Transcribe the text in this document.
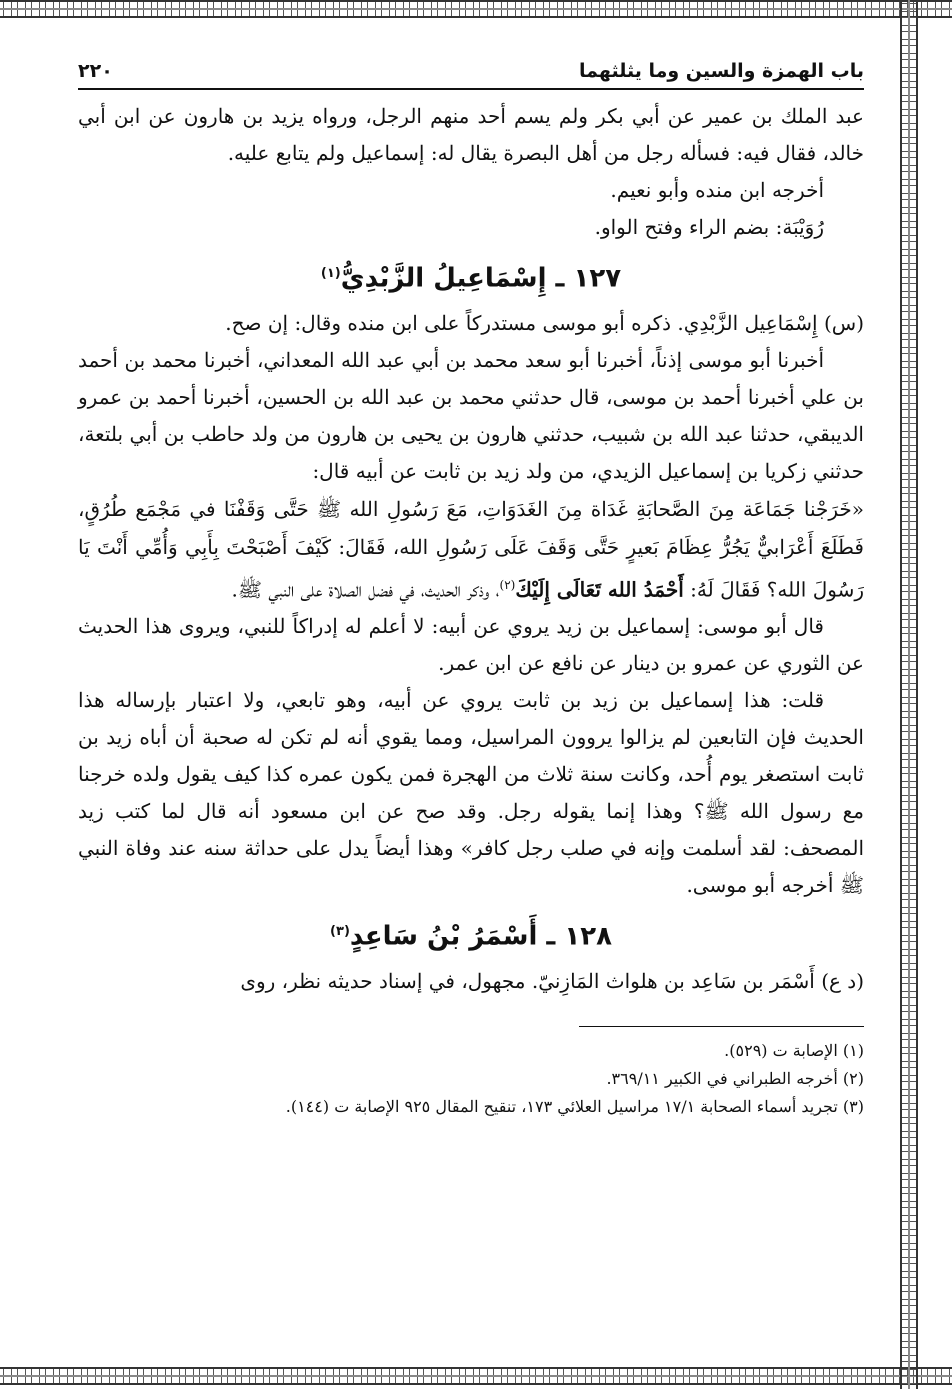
باب الهمزة والسين وما يثلثهما
٢٢٠

عبد الملك بن عمير عن أبي بكر ولم يسم أحد منهم الرجل، ورواه يزيد بن هارون عن ابن أبي خالد، فقال فيه: فسأله رجل من أهل البصرة يقال له: إسماعيل ولم يتابع عليه.

أخرجه ابن منده وأبو نعيم.

رُوَيْبَة: بضم الراء وفتح الواو.

١٢٧ ـ إِسْمَاعِيلُ الزَّبْدِيُّ$^{(١)}$

(س) إِسْمَاعِيل الزَّبْدِي. ذكره أبو موسى مستدركاً على ابن منده وقال: إن صح.

أخبرنا أبو موسى إذناً، أخبرنا أبو سعد محمد بن أبي عبد الله المعداني، أخبرنا محمد بن أحمد بن علي أخبرنا أحمد بن موسى، قال حدثني محمد بن عبد الله بن الحسين، أخبرنا أحمد بن عمرو الديبقي، حدثنا عبد الله بن شبيب، حدثني هارون بن يحيى بن هارون من ولد حاطب بن أبي بلتعة، حدثني زكريا بن إسماعيل الزيدي، من ولد زيد بن ثابت عن أبيه قال:

«خَرَجْنا جَمَاعَة مِنَ الصَّحابَةِ غَدَاة مِنَ الغَدَوَاتِ، مَعَ رَسُولِ الله ﷺ حَتَّى وَقَفْنَا في مَجْمَع طُرُقٍ، فَطَلَعَ أَعْرَابيٌّ يَجُرُّ عِظَامَ بَعيرٍ حَتَّى وَقَفَ عَلَى رَسُولِ الله، فَقَالَ: كَيْفَ أَصْبَحْتَ بِأَبِي وَأُمِّي أَنْتَ يَا رَسُولَ الله؟ فَقَالَ لَهُ: أَحْمَدُ الله تَعَالَى إِلَيْكَ$^{(٢)}$، وذكر الحديث، في فضل الصلاة على النبي ﷺ.

قال أبو موسى: إسماعيل بن زيد يروي عن أبيه: لا أعلم له إدراكاً للنبي، ويروى هذا الحديث عن الثوري عن عمرو بن دينار عن نافع عن ابن عمر.

قلت: هذا إسماعيل بن زيد بن ثابت يروي عن أبيه، وهو تابعي، ولا اعتبار بإرساله هذا الحديث فإن التابعين لم يزالوا يروون المراسيل، ومما يقوي أنه لم تكن له صحبة أن أباه زيد بن ثابت استصغر يوم أُحد، وكانت سنة ثلاث من الهجرة فمن يكون عمره كذا كيف يقول ولده خرجنا مع رسول الله ﷺ؟ وهذا إنما يقوله رجل. وقد صح عن ابن مسعود أنه قال لما كتب زيد المصحف: لقد أسلمت وإنه في صلب رجل كافر» وهذا أيضاً يدل على حداثة سنه عند وفاة النبي ﷺ أخرجه أبو موسى.

١٢٨ ـ أَسْمَرُ بْنُ سَاعِدٍ$^{(٣)}$

(د ع) أَسْمَر بن سَاعِد بن هلواث المَازِنيّ. مجهول، في إسناد حديثه نظر، روى

(١) الإصابة ت (٥٢٩).

(٢) أخرجه الطبراني في الكبير ٣٦٩/١١.

(٣) تجريد أسماء الصحابة ١٧/١ مراسيل العلائي ١٧٣، تنقيح المقال ٩٢٥ الإصابة ت (١٤٤).
